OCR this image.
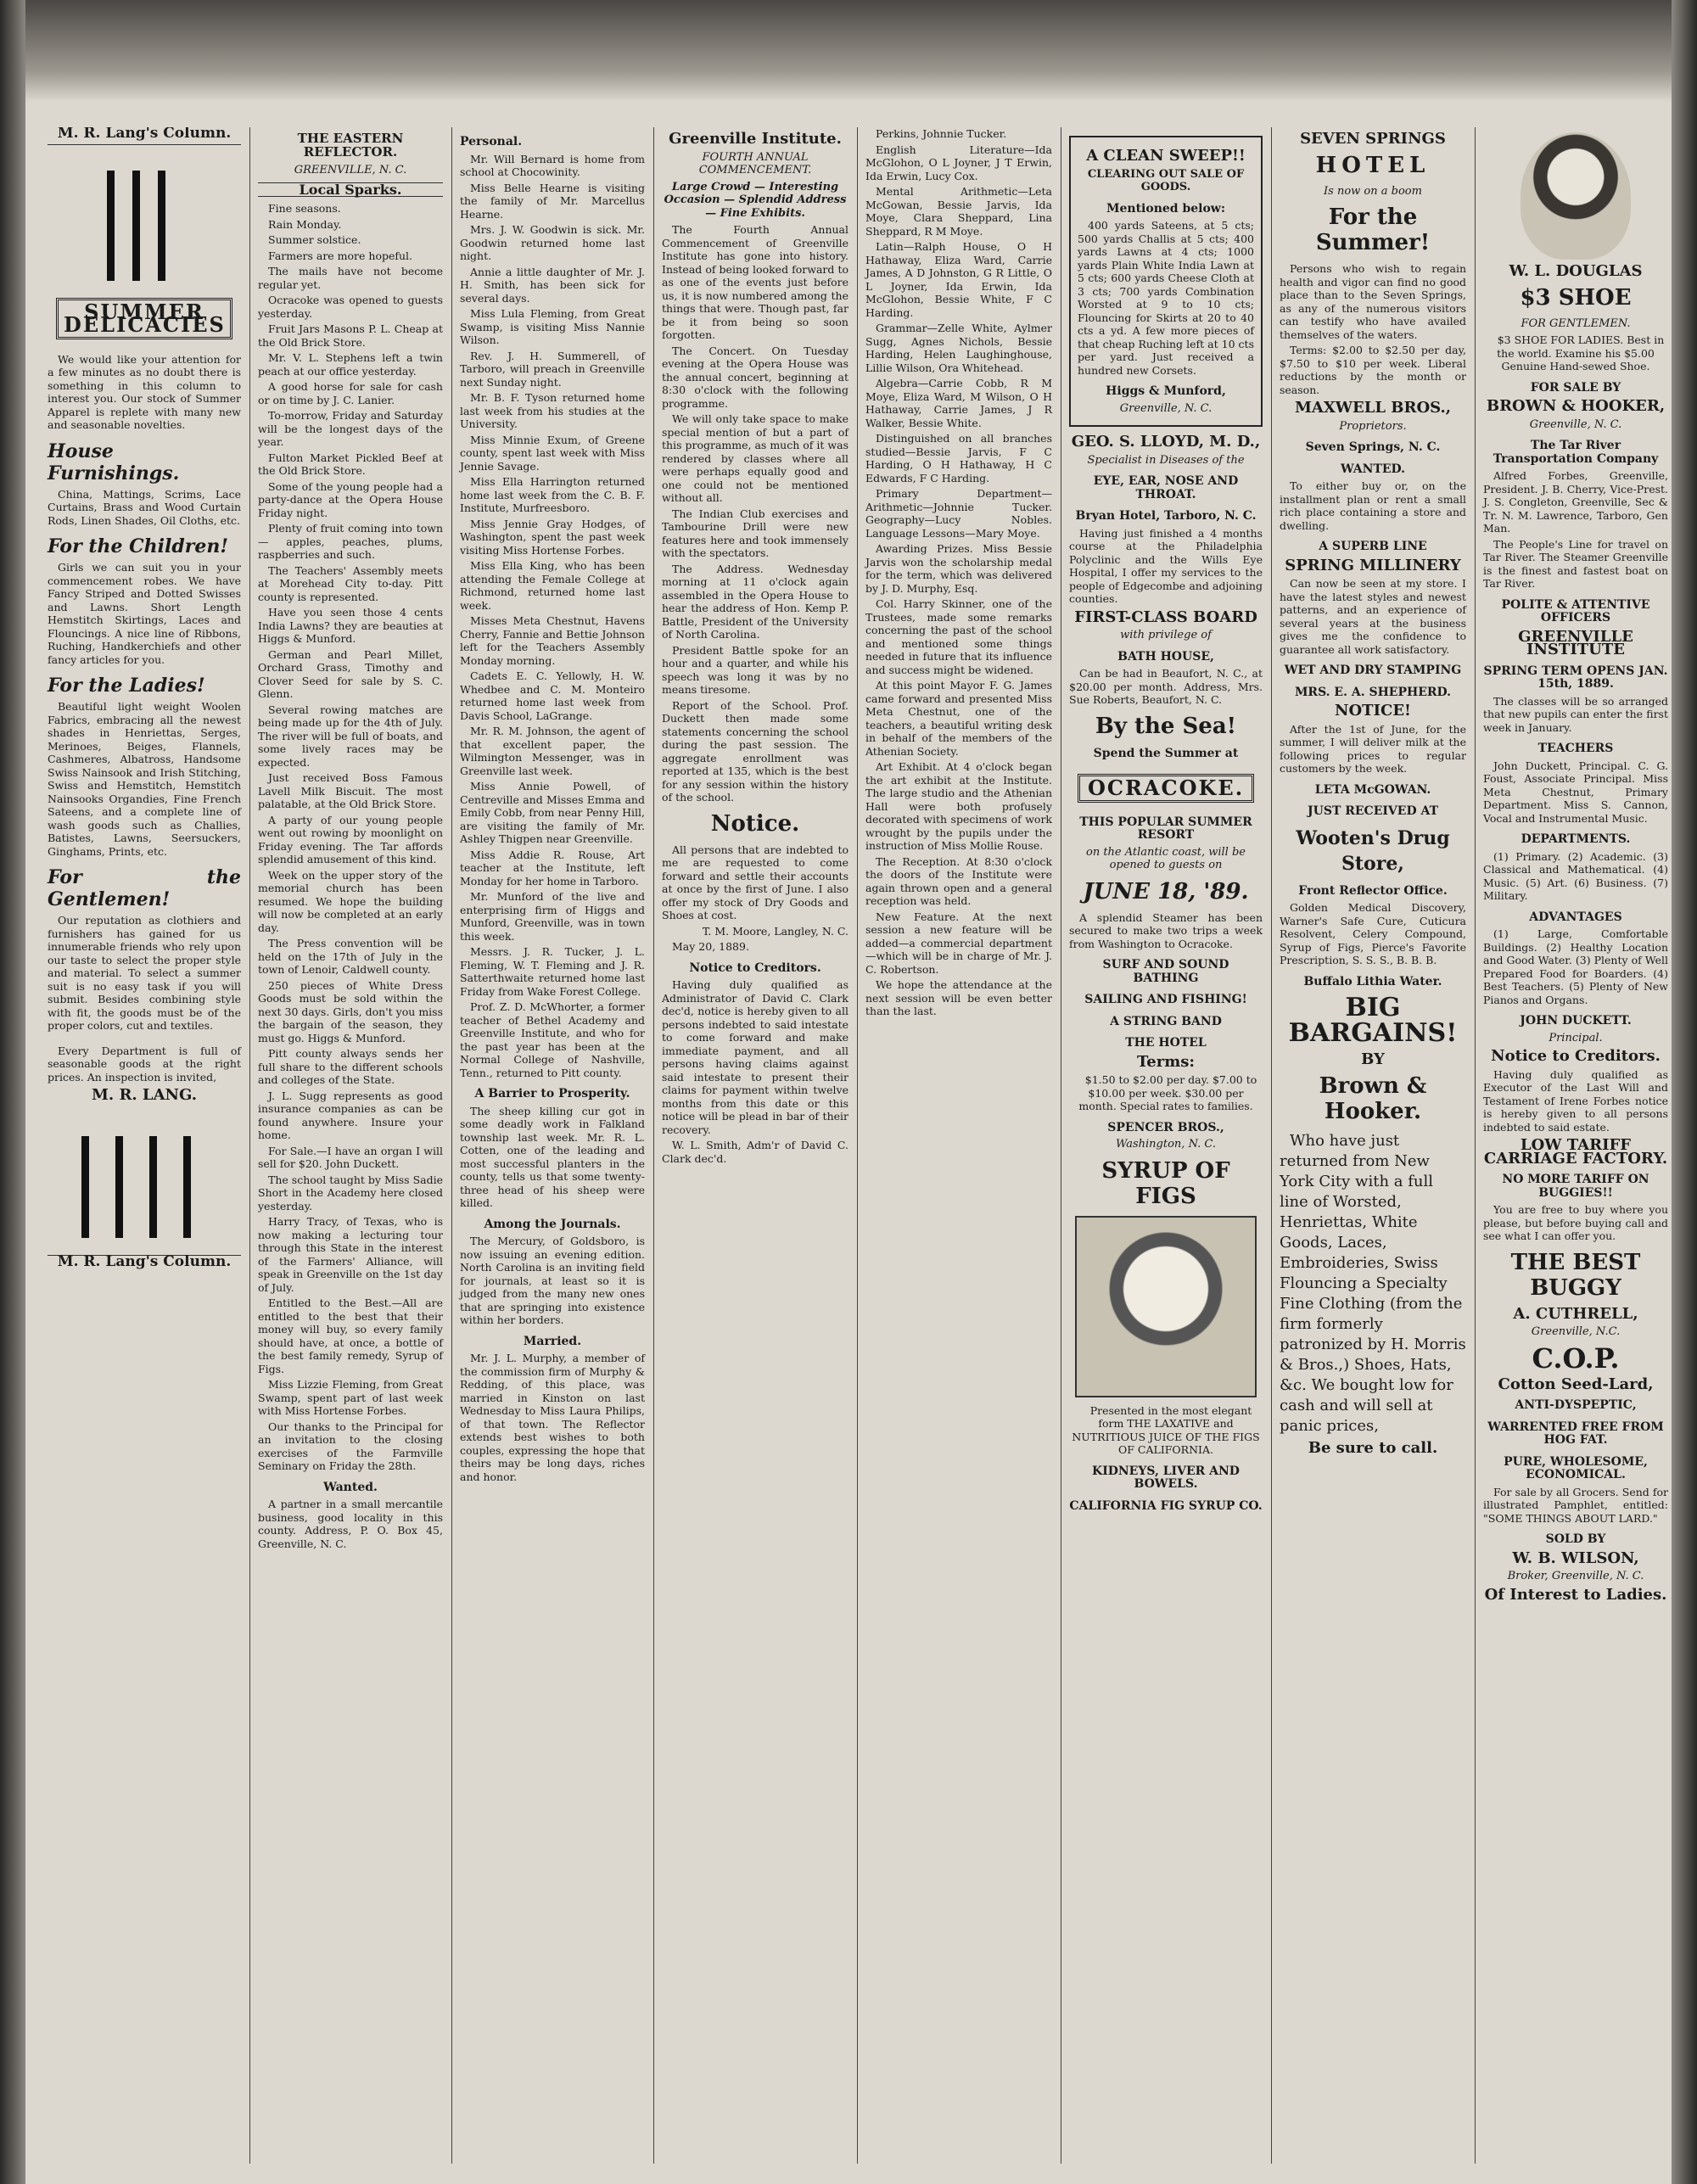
M. R. Lang's Column.
SUMMER DELICACIES

We would like your attention for a few minutes as no doubt there is something in this column to interest you. Our stock of Summer Apparel is replete with many new and seasonable novelties.

House Furnishings.

China, Mattings, Scrims, Lace Curtains, Brass and Wood Curtain Rods, Linen Shades, Oil Cloths, etc.

For the Children!

Girls we can suit you in your commencement robes. We have Fancy Striped and Dotted Swisses and Lawns. Short Length Hemstitch Skirtings, Laces and Flouncings. A nice line of Ribbons, Ruching, Handkerchiefs and other fancy articles for you.

For the Ladies!

Beautiful light weight Woolen Fabrics, embracing all the newest shades in Henriettas, Serges, Merinoes, Beiges, Flannels, Cashmeres, Albatross, Handsome Swiss Nainsook and Irish Stitching, Swiss and Hemstitch, Hemstitch Nainsooks Organdies, Fine French Sateens, and a complete line of wash goods such as Challies, Batistes, Lawns, Seersuckers, Ginghams, Prints, etc.

For the Gentlemen!

Our reputation as clothiers and furnishers has gained for us innumerable friends who rely upon our taste to select the proper style and material. To select a summer suit is no easy task if you will submit. Besides combining style with fit, the goods must be of the proper colors, cut and textiles.

Every Department is full of seasonable goods at the right prices. An inspection is invited,

M. R. LANG.
M. R. Lang's Column.
THE EASTERN REFLECTOR.
GREENVILLE, N. C.
Local Sparks.

Fine seasons.

Rain Monday.

Summer solstice.

Farmers are more hopeful.

The mails have not become regular yet.

Ocracoke was opened to guests yesterday.

Fruit Jars Masons P. L. Cheap at the Old Brick Store.

Mr. V. L. Stephens left a twin peach at our office yesterday.

A good horse for sale for cash or on time by J. C. Lanier.

To-morrow, Friday and Saturday will be the longest days of the year.

Fulton Market Pickled Beef at the Old Brick Store.

Some of the young people had a party-dance at the Opera House Friday night.

Plenty of fruit coming into town — apples, peaches, plums, raspberries and such.

The Teachers' Assembly meets at Morehead City to-day. Pitt county is represented.

Have you seen those 4 cents India Lawns? they are beauties at Higgs & Munford.

German and Pearl Millet, Orchard Grass, Timothy and Clover Seed for sale by S. C. Glenn.

Several rowing matches are being made up for the 4th of July. The river will be full of boats, and some lively races may be expected.

Just received Boss Famous Lavell Milk Biscuit. The most palatable, at the Old Brick Store.

A party of our young people went out rowing by moonlight on Friday evening. The Tar affords splendid amusement of this kind.

Week on the upper story of the memorial church has been resumed. We hope the building will now be completed at an early day.

The Press convention will be held on the 17th of July in the town of Lenoir, Caldwell county.

250 pieces of White Dress Goods must be sold within the next 30 days. Girls, don't you miss the bargain of the season, they must go. Higgs & Munford.

Pitt county always sends her full share to the different schools and colleges of the State.

J. L. Sugg represents as good insurance companies as can be found anywhere. Insure your home.

For Sale.—I have an organ I will sell for $20. John Duckett.

The school taught by Miss Sadie Short in the Academy here closed yesterday.

Harry Tracy, of Texas, who is now making a lecturing tour through this State in the interest of the Farmers' Alliance, will speak in Greenville on the 1st day of July.

Entitled to the Best.—All are entitled to the best that their money will buy, so every family should have, at once, a bottle of the best family remedy, Syrup of Figs.

Miss Lizzie Fleming, from Great Swamp, spent part of last week with Miss Hortense Forbes.

Our thanks to the Principal for an invitation to the closing exercises of the Farmville Seminary on Friday the 28th.

Wanted.

A partner in a small mercantile business, good locality in this county. Address, P. O. Box 45, Greenville, N. C.

Personal.

Mr. Will Bernard is home from school at Chocowinity.

Miss Belle Hearne is visiting the family of Mr. Marcellus Hearne.

Mrs. J. W. Goodwin is sick. Mr. Goodwin returned home last night.

Annie a little daughter of Mr. J. H. Smith, has been sick for several days.

Miss Lula Fleming, from Great Swamp, is visiting Miss Nannie Wilson.

Rev. J. H. Summerell, of Tarboro, will preach in Greenville next Sunday night.

Mr. B. F. Tyson returned home last week from his studies at the University.

Miss Minnie Exum, of Greene county, spent last week with Miss Jennie Savage.

Miss Ella Harrington returned home last week from the C. B. F. Institute, Murfreesboro.

Miss Jennie Gray Hodges, of Washington, spent the past week visiting Miss Hortense Forbes.

Miss Ella King, who has been attending the Female College at Richmond, returned home last week.

Misses Meta Chestnut, Havens Cherry, Fannie and Bettie Johnson left for the Teachers Assembly Monday morning.

Cadets E. C. Yellowly, H. W. Whedbee and C. M. Monteiro returned home last week from Davis School, LaGrange.

Mr. R. M. Johnson, the agent of that excellent paper, the Wilmington Messenger, was in Greenville last week.

Miss Annie Powell, of Centreville and Misses Emma and Emily Cobb, from near Penny Hill, are visiting the family of Mr. Ashley Thigpen near Greenville.

Miss Addie R. Rouse, Art teacher at the Institute, left Monday for her home in Tarboro.

Mr. Munford of the live and enterprising firm of Higgs and Munford, Greenville, was in town this week.

Messrs. J. R. Tucker, J. L. Fleming, W. T. Fleming and J. R. Satterthwaite returned home last Friday from Wake Forest College.

Prof. Z. D. McWhorter, a former teacher of Bethel Academy and Greenville Institute, and who for the past year has been at the Normal College of Nashville, Tenn., returned to Pitt county.

A Barrier to Prosperity.

The sheep killing cur got in some deadly work in Falkland township last week. Mr. R. L. Cotten, one of the leading and most successful planters in the county, tells us that some twenty-three head of his sheep were killed.

Among the Journals.

The Mercury, of Goldsboro, is now issuing an evening edition. North Carolina is an inviting field for journals, at least so it is judged from the many new ones that are springing into existence within her borders.

Married.

Mr. J. L. Murphy, a member of the commission firm of Murphy & Redding, of this place, was married in Kinston on last Wednesday to Miss Laura Philips, of that town. The Reflector extends best wishes to both couples, expressing the hope that theirs may be long days, riches and honor.

Greenville Institute.
FOURTH ANNUAL COMMENCEMENT.
Large Crowd — Interesting Occasion — Splendid Address — Fine Exhibits.

The Fourth Annual Commencement of Greenville Institute has gone into history. Instead of being looked forward to as one of the events just before us, it is now numbered among the things that were. Though past, far be it from being so soon forgotten.

The Concert. On Tuesday evening at the Opera House was the annual concert, beginning at 8:30 o'clock with the following programme.

We will only take space to make special mention of but a part of this programme, as much of it was rendered by classes where all were perhaps equally good and one could not be mentioned without all.

The Indian Club exercises and Tambourine Drill were new features here and took immensely with the spectators.

The Address. Wednesday morning at 11 o'clock again assembled in the Opera House to hear the address of Hon. Kemp P. Battle, President of the University of North Carolina.

President Battle spoke for an hour and a quarter, and while his speech was long it was by no means tiresome.

Report of the School. Prof. Duckett then made some statements concerning the school during the past session. The aggregate enrollment was reported at 135, which is the best for any session within the history of the school.

Notice.

All persons that are indebted to me are requested to come forward and settle their accounts at once by the first of June. I also offer my stock of Dry Goods and Shoes at cost.

T. M. Moore, Langley, N. C.

May 20, 1889.

Notice to Creditors.

Having duly qualified as Administrator of David C. Clark dec'd, notice is hereby given to all persons indebted to said intestate to come forward and make immediate payment, and all persons having claims against said intestate to present their claims for payment within twelve months from this date or this notice will be plead in bar of their recovery.

W. L. Smith, Adm'r of David C. Clark dec'd.

Perkins, Johnnie Tucker.

English Literature—Ida McGlohon, O L Joyner, J T Erwin, Ida Erwin, Lucy Cox.

Mental Arithmetic—Leta McGowan, Bessie Jarvis, Ida Moye, Clara Sheppard, Lina Sheppard, R M Moye.

Latin—Ralph House, O H Hathaway, Eliza Ward, Carrie James, A D Johnston, G R Little, O L Joyner, Ida Erwin, Ida McGlohon, Bessie White, F C Harding.

Grammar—Zelle White, Aylmer Sugg, Agnes Nichols, Bessie Harding, Helen Laughinghouse, Lillie Wilson, Ora Whitehead.

Algebra—Carrie Cobb, R M Moye, Eliza Ward, M Wilson, O H Hathaway, Carrie James, J R Walker, Bessie White.

Distinguished on all branches studied—Bessie Jarvis, F C Harding, O H Hathaway, H C Edwards, F C Harding.

Primary Department—Arithmetic—Johnnie Tucker. Geography—Lucy Nobles. Language Lessons—Mary Moye.

Awarding Prizes. Miss Bessie Jarvis won the scholarship medal for the term, which was delivered by J. D. Murphy, Esq.

Col. Harry Skinner, one of the Trustees, made some remarks concerning the past of the school and mentioned some things needed in future that its influence and success might be widened.

At this point Mayor F. G. James came forward and presented Miss Meta Chestnut, one of the teachers, a beautiful writing desk in behalf of the members of the Athenian Society.

Art Exhibit. At 4 o'clock began the art exhibit at the Institute. The large studio and the Athenian Hall were both profusely decorated with specimens of work wrought by the pupils under the instruction of Miss Mollie Rouse.

The Reception. At 8:30 o'clock the doors of the Institute were again thrown open and a general reception was held.

New Feature. At the next session a new feature will be added—a commercial department—which will be in charge of Mr. J. C. Robertson.

We hope the attendance at the next session will be even better than the last.

A CLEAN SWEEP!!
CLEARING OUT SALE OF GOODS.
Mentioned below:

400 yards Sateens, at 5 cts; 500 yards Challis at 5 cts; 400 yards Lawns at 4 cts; 1000 yards Plain White India Lawn at 5 cts; 600 yards Cheese Cloth at 3 cts; 700 yards Combination Worsted at 9 to 10 cts; Flouncing for Skirts at 20 to 40 cts a yd. A few more pieces of that cheap Ruching left at 10 cts per yard. Just received a hundred new Corsets.

Higgs & Munford,
Greenville, N. C.
GEO. S. LLOYD, M. D.,
Specialist in Diseases of the
EYE, EAR, NOSE AND THROAT.
Bryan Hotel, Tarboro, N. C.

Having just finished a 4 months course at the Philadelphia Polyclinic and the Wills Eye Hospital, I offer my services to the people of Edgecombe and adjoining counties.

FIRST-CLASS BOARD
with privilege of
BATH HOUSE,

Can be had in Beaufort, N. C., at $20.00 per month. Address, Mrs. Sue Roberts, Beaufort, N. C.

By the Sea!
Spend the Summer at
OCRACOKE.
THIS POPULAR SUMMER RESORT
on the Atlantic coast, will be opened to guests on
JUNE 18, '89.

A splendid Steamer has been secured to make two trips a week from Washington to Ocracoke.

SURF AND SOUND BATHING
SAILING AND FISHING!
A STRING BAND
THE HOTEL
Terms:

$1.50 to $2.00 per day. $7.00 to $10.00 per week. $30.00 per month. Special rates to families.

SPENCER BROS.,
Washington, N. C.
SYRUP OF FIGS

Presented in the most elegant form THE LAXATIVE and NUTRITIOUS JUICE OF THE FIGS OF CALIFORNIA.

KIDNEYS, LIVER AND BOWELS.
CALIFORNIA FIG SYRUP CO.
SEVEN SPRINGS
HOTEL
Is now on a boom
For the Summer!

Persons who wish to regain health and vigor can find no good place than to the Seven Springs, as any of the numerous visitors can testify who have availed themselves of the waters.

Terms: $2.00 to $2.50 per day, $7.50 to $10 per week. Liberal reductions by the month or season.

MAXWELL BROS.,
Proprietors.
Seven Springs, N. C.
WANTED.

To either buy or, on the installment plan or rent a small rich place containing a store and dwelling.

A SUPERB LINE
SPRING MILLINERY

Can now be seen at my store. I have the latest styles and newest patterns, and an experience of several years at the business gives me the confidence to guarantee all work satisfactory.

WET AND DRY STAMPING
MRS. E. A. SHEPHERD.
NOTICE!

After the 1st of June, for the summer, I will deliver milk at the following prices to regular customers by the week.

LETA McGOWAN.
JUST RECEIVED AT
Wooten's Drug Store,
Front Reflector Office.

Golden Medical Discovery, Warner's Safe Cure, Cuticura Resolvent, Celery Compound, Syrup of Figs, Pierce's Favorite Prescription, S. S. S., B. B. B.

Buffalo Lithia Water.
BIG BARGAINS!
BY
Brown & Hooker.

Who have just returned from New York City with a full line of Worsted, Henriettas, White Goods, Laces, Embroideries, Swiss Flouncing a Specialty Fine Clothing (from the firm formerly patronized by H. Morris & Bros.,) Shoes, Hats, &c. We bought low for cash and will sell at panic prices,

Be sure to call.
W. L. DOUGLAS
$3 SHOE
FOR GENTLEMEN.

$3 SHOE FOR LADIES. Best in the world. Examine his $5.00 Genuine Hand-sewed Shoe.

FOR SALE BY
BROWN & HOOKER,
Greenville, N. C.
The Tar River Transportation Company

Alfred Forbes, Greenville, President. J. B. Cherry, Vice-Prest. J. S. Congleton, Greenville, Sec & Tr. N. M. Lawrence, Tarboro, Gen Man.

The People's Line for travel on Tar River. The Steamer Greenville is the finest and fastest boat on Tar River.

POLITE & ATTENTIVE OFFICERS
GREENVILLE INSTITUTE
SPRING TERM OPENS JAN. 15th, 1889.

The classes will be so arranged that new pupils can enter the first week in January.

TEACHERS

John Duckett, Principal. C. G. Foust, Associate Principal. Miss Meta Chestnut, Primary Department. Miss S. Cannon, Vocal and Instrumental Music.

DEPARTMENTS.

(1) Primary. (2) Academic. (3) Classical and Mathematical. (4) Music. (5) Art. (6) Business. (7) Military.

ADVANTAGES

(1) Large, Comfortable Buildings. (2) Healthy Location and Good Water. (3) Plenty of Well Prepared Food for Boarders. (4) Best Teachers. (5) Plenty of New Pianos and Organs.

JOHN DUCKETT.
Principal.
Notice to Creditors.

Having duly qualified as Executor of the Last Will and Testament of Irene Forbes notice is hereby given to all persons indebted to said estate.

LOW TARIFF CARRIAGE FACTORY.
NO MORE TARIFF ON BUGGIES!!

You are free to buy where you please, but before buying call and see what I can offer you.

THE BEST BUGGY
A. CUTHRELL,
Greenville, N.C.
C.O.P.
Cotton Seed-Lard,
ANTI-DYSPEPTIC,
WARRENTED FREE FROM HOG FAT.
PURE, WHOLESOME, ECONOMICAL.

For sale by all Grocers. Send for illustrated Pamphlet, entitled: "SOME THINGS ABOUT LARD."

SOLD BY
W. B. WILSON,
Broker, Greenville, N. C.
Of Interest to Ladies.
